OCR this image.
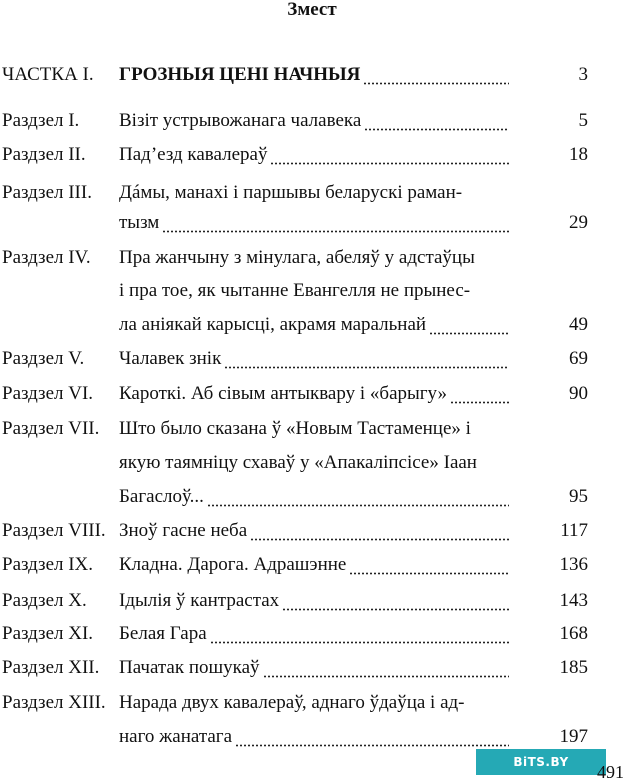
Змест
ЧАСТКА I. ГРОЗНЫЯ ЦЕНІ НАЧНЫЯ	3
Раздзел I. Візіт устрывожанага чалавека	5
Раздзел II. Пад’езд кавалераў	18
Раздзел III. Дáмы, манахі і паршывы беларускі раман-
тызм	29
Раздзел IV. Пра жанчыну з мінулага, абеляў у адстаўцы
і пра тое, як чытанне Евангелля не прынес-
ла аніякай карысці, акрамя маральнай	49
Раздзел V. Чалавек знік	69
Раздзел VI. Кароткі. Аб сівым антыквару і «барыгу»	90
Раздзел VII. Што было сказана ў «Новым Тастаменце» і
якую таямніцу схаваў у «Апакаліпсісе» Іаан
Багаслоў...	95
Раздзел VIII. Зноў гасне неба	117
Раздзел IX. Кладна. Дарога. Адрашэнне	136
Раздзел X. Ідылія ў кантрастах	143
Раздзел XI. Белая Гара	168
Раздзел XII. Пачатак пошукаў	185
Раздзел XIII. Нарада двух кавалераў, аднаго ўдаўца і ад-
наго жанатага	197
BiTS.BY	491
